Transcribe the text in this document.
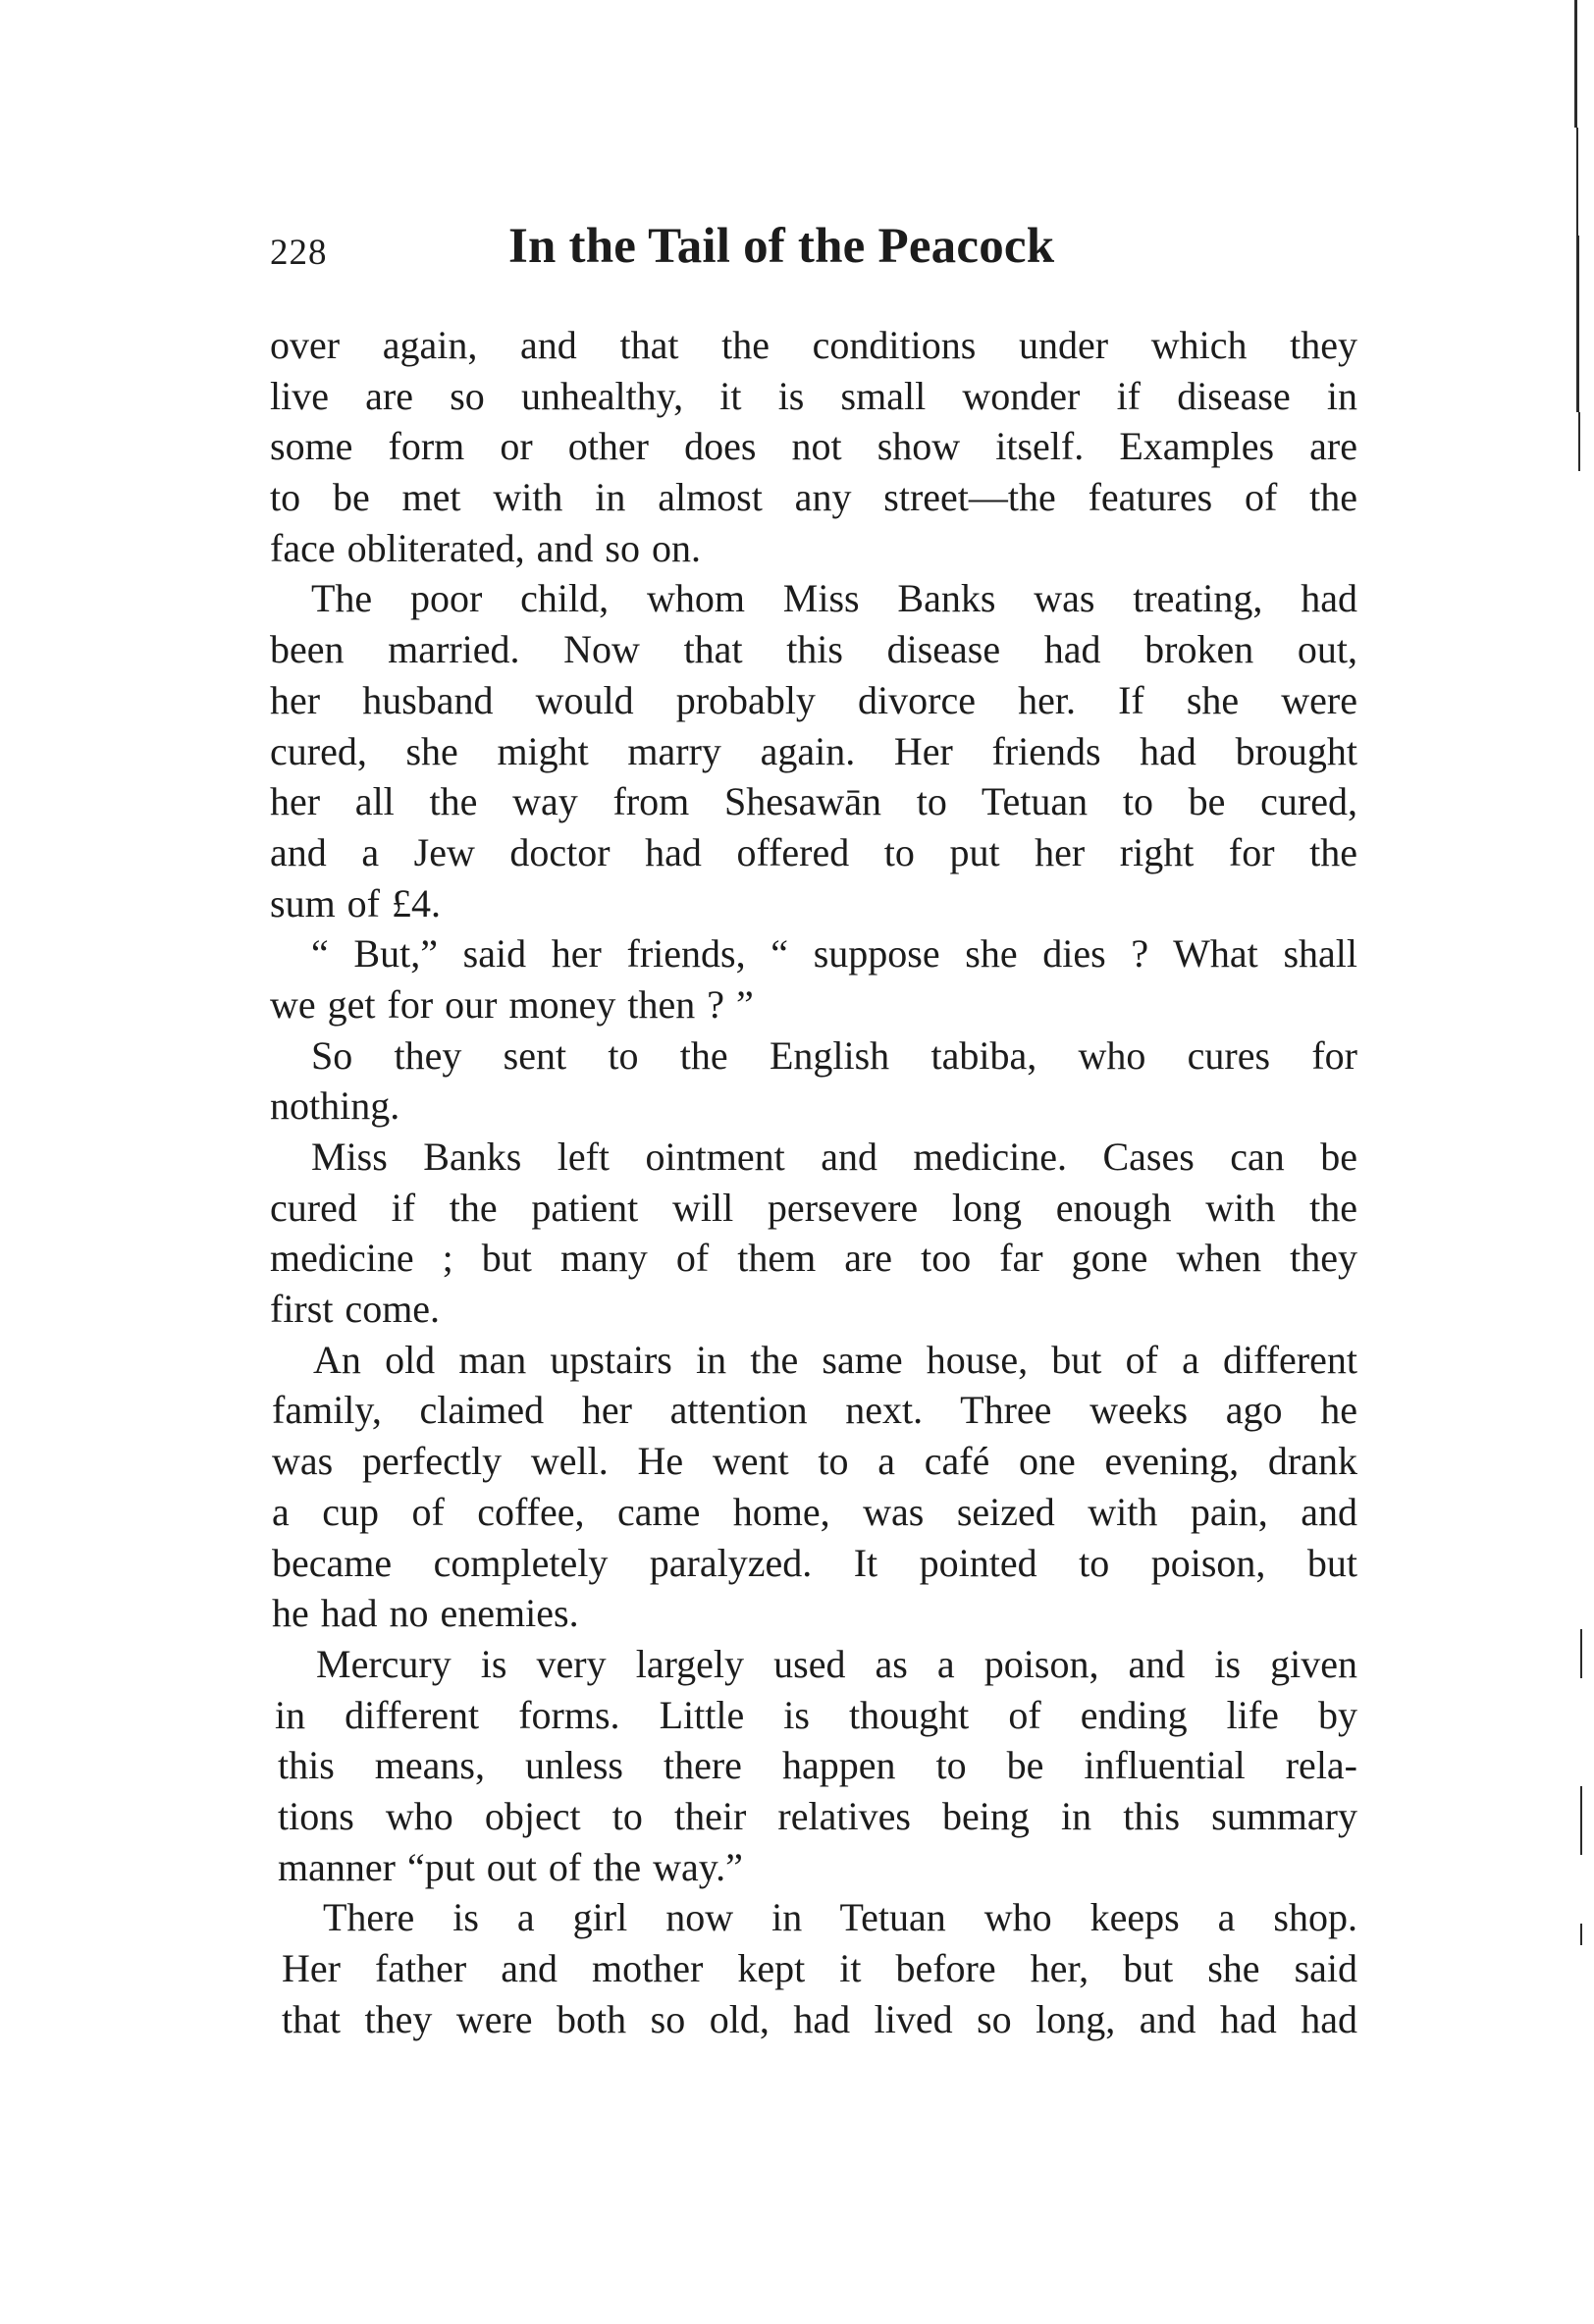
228	In the Tail of the Peacock
over again, and that the conditions under which they
live are so unhealthy, it is small wonder if disease in
some form or other does not show itself. Examples are
to be met with in almost any street—the features of the
face obliterated, and so on.
The poor child, whom Miss Banks was treating, had
been married. Now that this disease had broken out,
her husband would probably divorce her. If she were
cured, she might marry again. Her friends had brought
her all the way from Shesawān to Tetuan to be cured,
and a Jew doctor had offered to put her right for the
sum of £4.
“ But,” said her friends, “ suppose she dies ? What shall
we get for our money then ? ”
So they sent to the English tabiba, who cures for
nothing.
Miss Banks left ointment and medicine. Cases can be
cured if the patient will persevere long enough with the
medicine ; but many of them are too far gone when they
first come.
An old man upstairs in the same house, but of a different
family, claimed her attention next. Three weeks ago he
was perfectly well. He went to a café one evening, drank
a cup of coffee, came home, was seized with pain, and
became completely paralyzed. It pointed to poison, but
he had no enemies.
Mercury is very largely used as a poison, and is given
in different forms. Little is thought of ending life by
this means, unless there happen to be influential rela-
tions who object to their relatives being in this summary
manner “put out of the way.”
There is a girl now in Tetuan who keeps a shop.
Her father and mother kept it before her, but she said
that they were both so old, had lived so long, and had had
